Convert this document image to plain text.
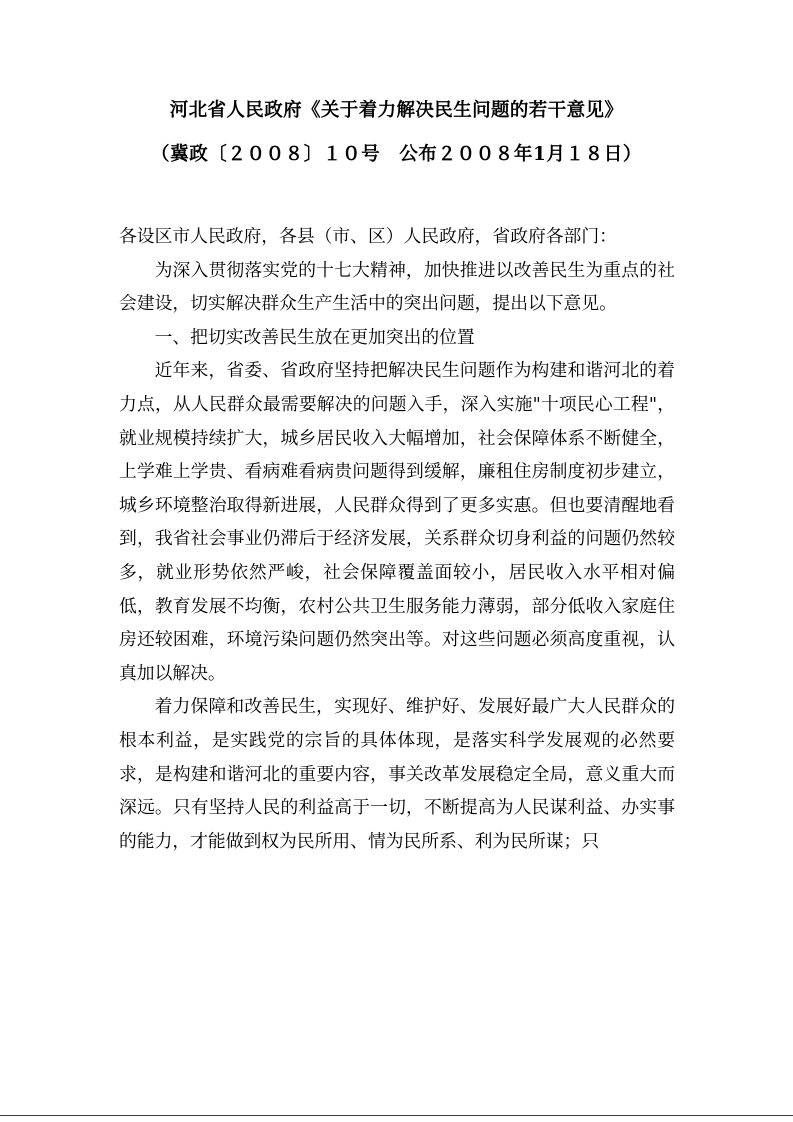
河北省人民政府《关于着力解决民生问题的若干意见》
（冀政〔２００８〕１０号　公布２００８年1月１８日）

各设区市人民政府，各县（市、区）人民政府，省政府各部门：

为深入贯彻落实党的十七大精神，加快推进以改善民生为重点的社会建设，切实解决群众生产生活中的突出问题，提出以下意见。

一、把切实改善民生放在更加突出的位置

近年来，省委、省政府坚持把解决民生问题作为构建和谐河北的着力点，从人民群众最需要解决的问题入手，深入实施"十项民心工程"，就业规模持续扩大，城乡居民收入大幅增加，社会保障体系不断健全，上学难上学贵、看病难看病贵问题得到缓解，廉租住房制度初步建立，城乡环境整治取得新进展，人民群众得到了更多实惠。但也要清醒地看到，我省社会事业仍滞后于经济发展，关系群众切身利益的问题仍然较多，就业形势依然严峻，社会保障覆盖面较小，居民收入水平相对偏低，教育发展不均衡，农村公共卫生服务能力薄弱，部分低收入家庭住房还较困难，环境污染问题仍然突出等。对这些问题必须高度重视，认真加以解决。

着力保障和改善民生，实现好、维护好、发展好最广大人民群众的根本利益，是实践党的宗旨的具体体现，是落实科学发展观的必然要求，是构建和谐河北的重要内容，事关改革发展稳定全局，意义重大而深远。只有坚持人民的利益高于一切，不断提高为人民谋利益、办实事的能力，才能做到权为民所用、情为民所系、利为民所谋；只
